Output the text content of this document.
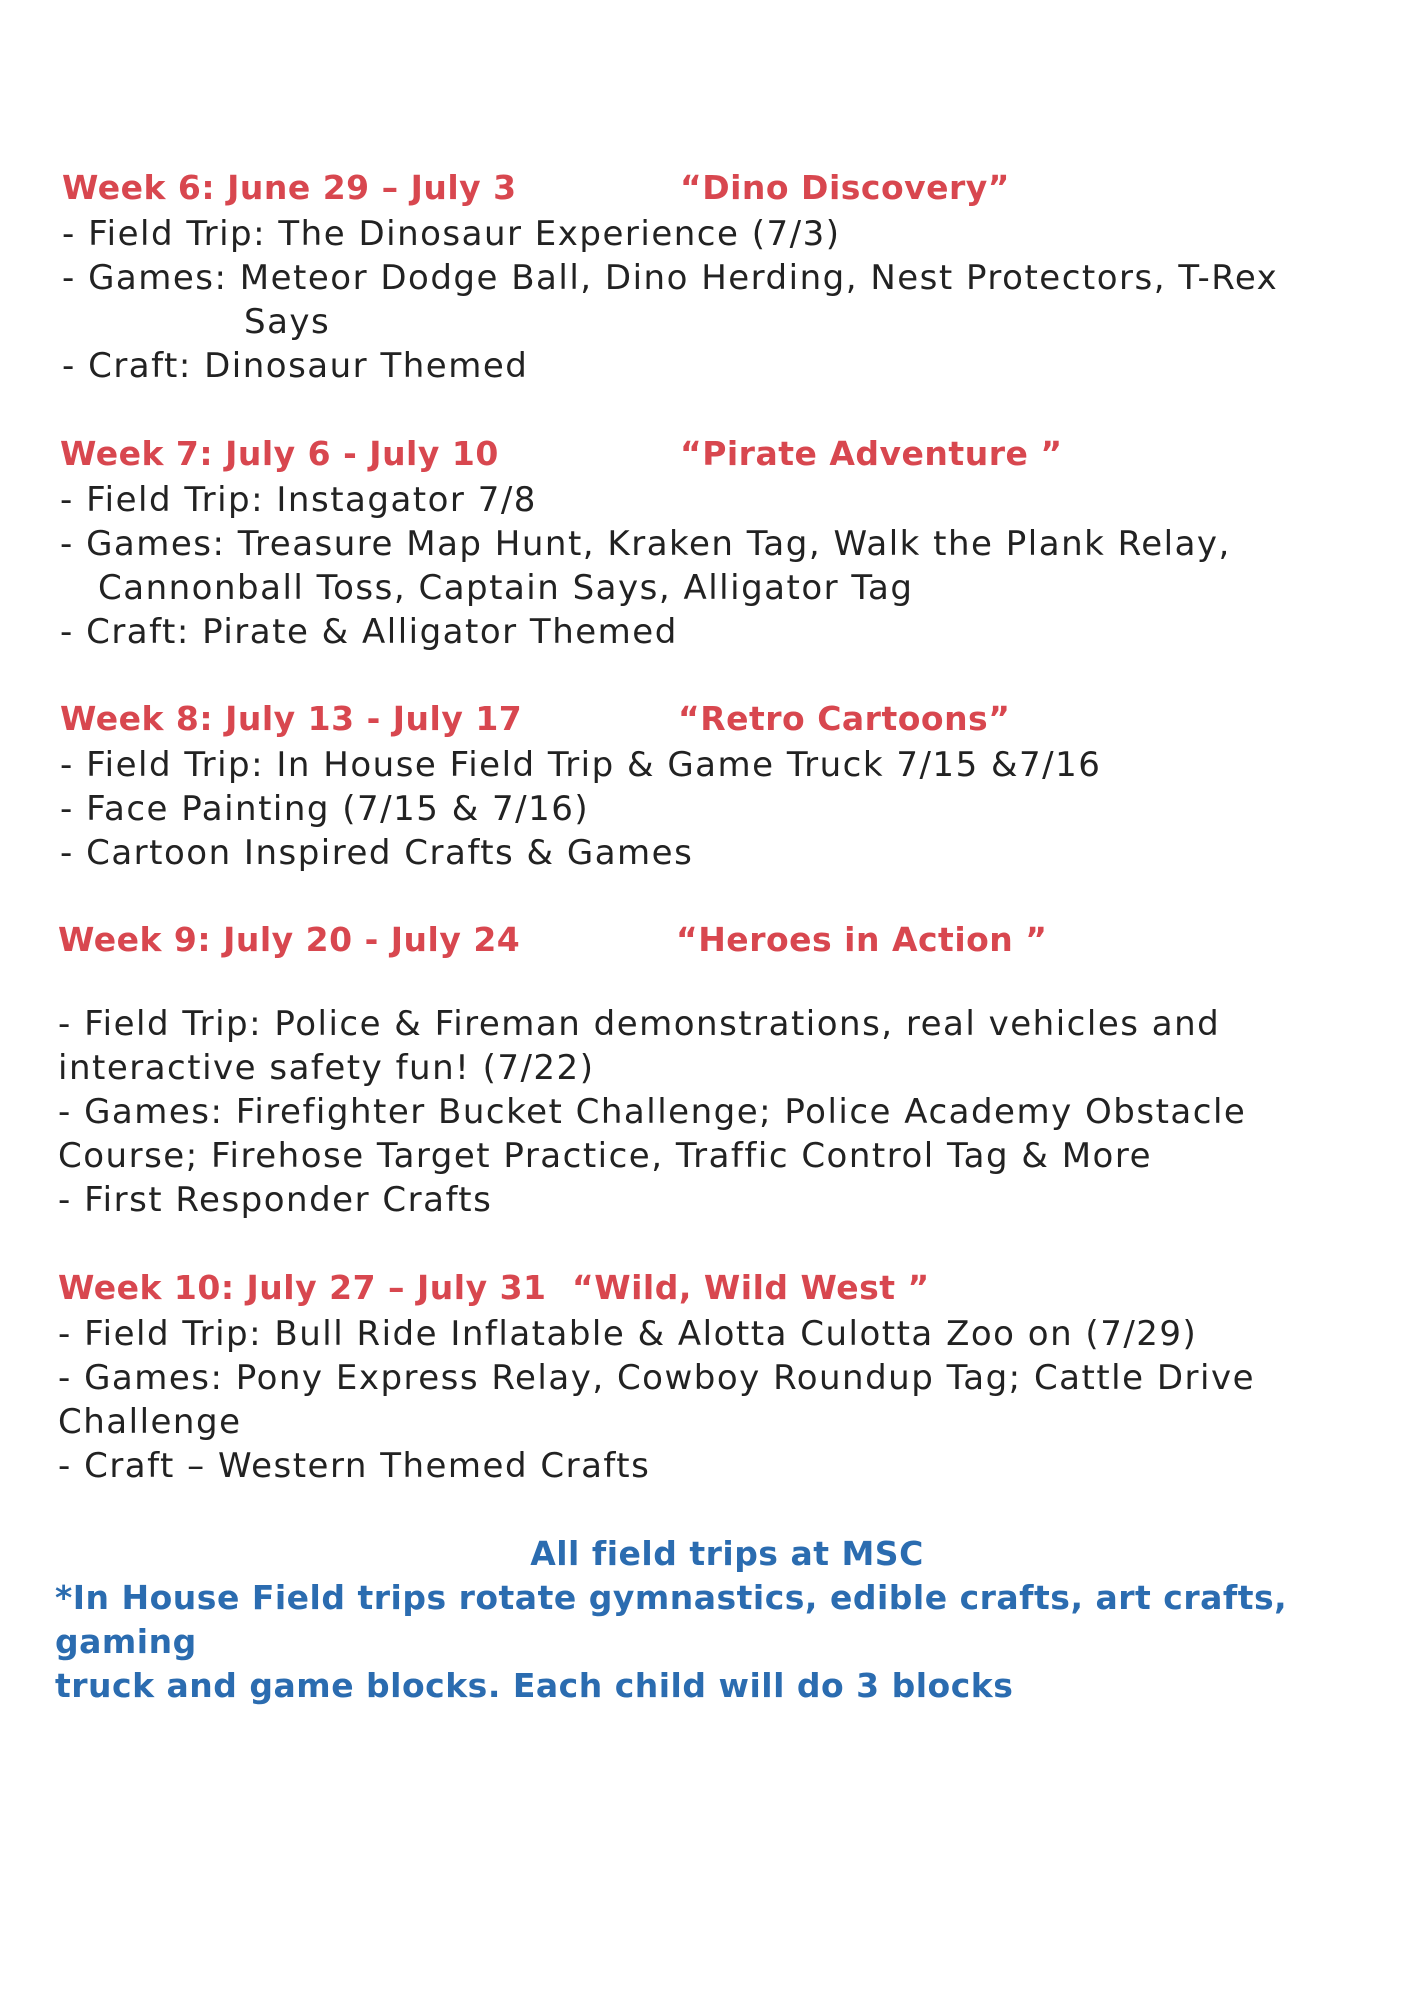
Week 6: June 29 – July 3	“Dino Discovery”
- Field Trip: The Dinosaur Experience (7/3)
- Games: Meteor Dodge Ball, Dino Herding, Nest Protectors, T-Rex
Says
- Craft: Dinosaur Themed
Week 7: July 6 - July 10	“Pirate Adventure ”
- Field Trip: Instagator 7/8
- Games: Treasure Map Hunt, Kraken Tag, Walk the Plank Relay,
Cannonball Toss, Captain Says, Alligator Tag
- Craft: Pirate & Alligator Themed
Week 8: July 13 - July 17	“Retro Cartoons”
- Field Trip: In House Field Trip & Game Truck 7/15 &7/16
- Face Painting (7/15 & 7/16)
- Cartoon Inspired Crafts & Games
Week 9: July 20 - July 24	“Heroes in Action ”
- Field Trip: Police & Fireman demonstrations, real vehicles and
interactive safety fun! (7/22)
- Games: Firefighter Bucket Challenge; Police Academy Obstacle
Course; Firehose Target Practice, Traffic Control Tag & More
- First Responder Crafts
Week 10: July 27 – July 31 “Wild, Wild West ”
- Field Trip: Bull Ride Inflatable & Alotta Culotta Zoo on (7/29)
- Games: Pony Express Relay, Cowboy Roundup Tag; Cattle Drive
Challenge
- Craft – Western Themed Crafts
All field trips at MSC
*In House Field trips rotate gymnastics, edible crafts, art crafts, gaming
truck and game blocks. Each child will do 3 blocks
